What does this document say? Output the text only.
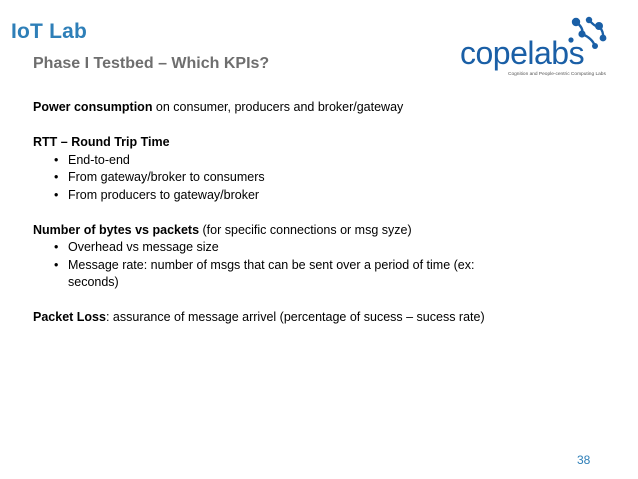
IoT Lab
Phase I Testbed – Which KPIs?	copelabs
Cognition and People-centric Computing Labs
Power consumption on consumer, producers and broker/gateway
RTT – Round Trip Time
• End-to-end
• From gateway/broker to consumers
• From producers to gateway/broker
Number of bytes vs packets (for specific connections or msg syze)
• Overhead vs message size
• Message rate: number of msgs that can be sent over a period of time (ex: seconds)
Packet Loss: assurance of message arrivel (percentage of sucess – sucess rate)
38
